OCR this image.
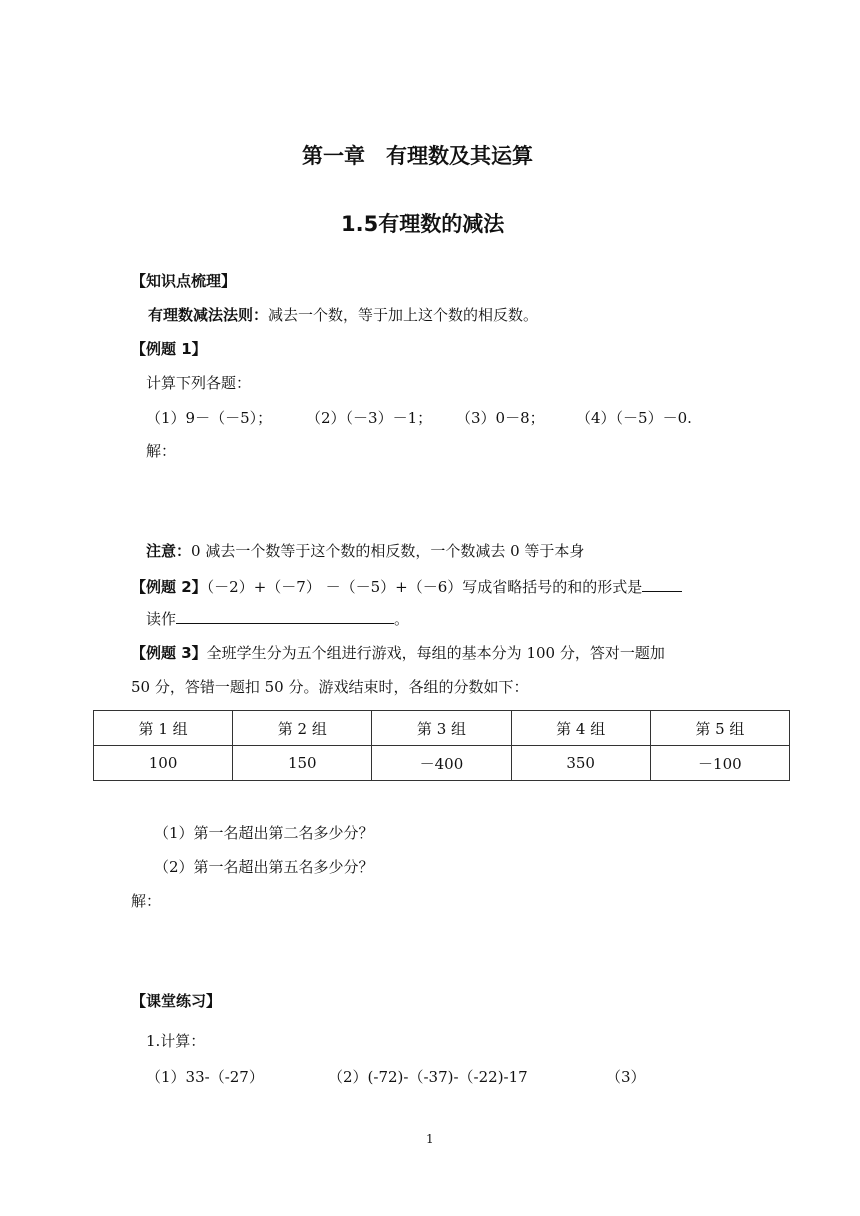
第一章　有理数及其运算
1.5有理数的减法
【知识点梳理】
有理数减法法则：减去一个数，等于加上这个数的相反数。
【例题 1】
计算下列各题：
（1）9－（－5）； （2）（－3）－1； （3）0－8； （4）（－5）－0.
解：
注意：0 减去一个数等于这个数的相反数，一个数减去 0 等于本身
【例题 2】（－2）+（－7） －（－5）+（－6）写成省略括号的和的形式是
读作	。
【例题 3】全班学生分为五个组进行游戏，每组的基本分为 100 分，答对一题加
50 分，答错一题扣 50 分。游戏结束时，各组的分数如下：
第 1 组	第 2 组	第 3 组	第 4 组	第 5 组
100	150	－400	350	－100
（1）第一名超出第二名多少分？
（2）第一名超出第五名多少分？
解：
【课堂练习】
1.计算：
（1）33-（-27）	（2）(-72)-（-37)-（-22)-17	（3）
1
